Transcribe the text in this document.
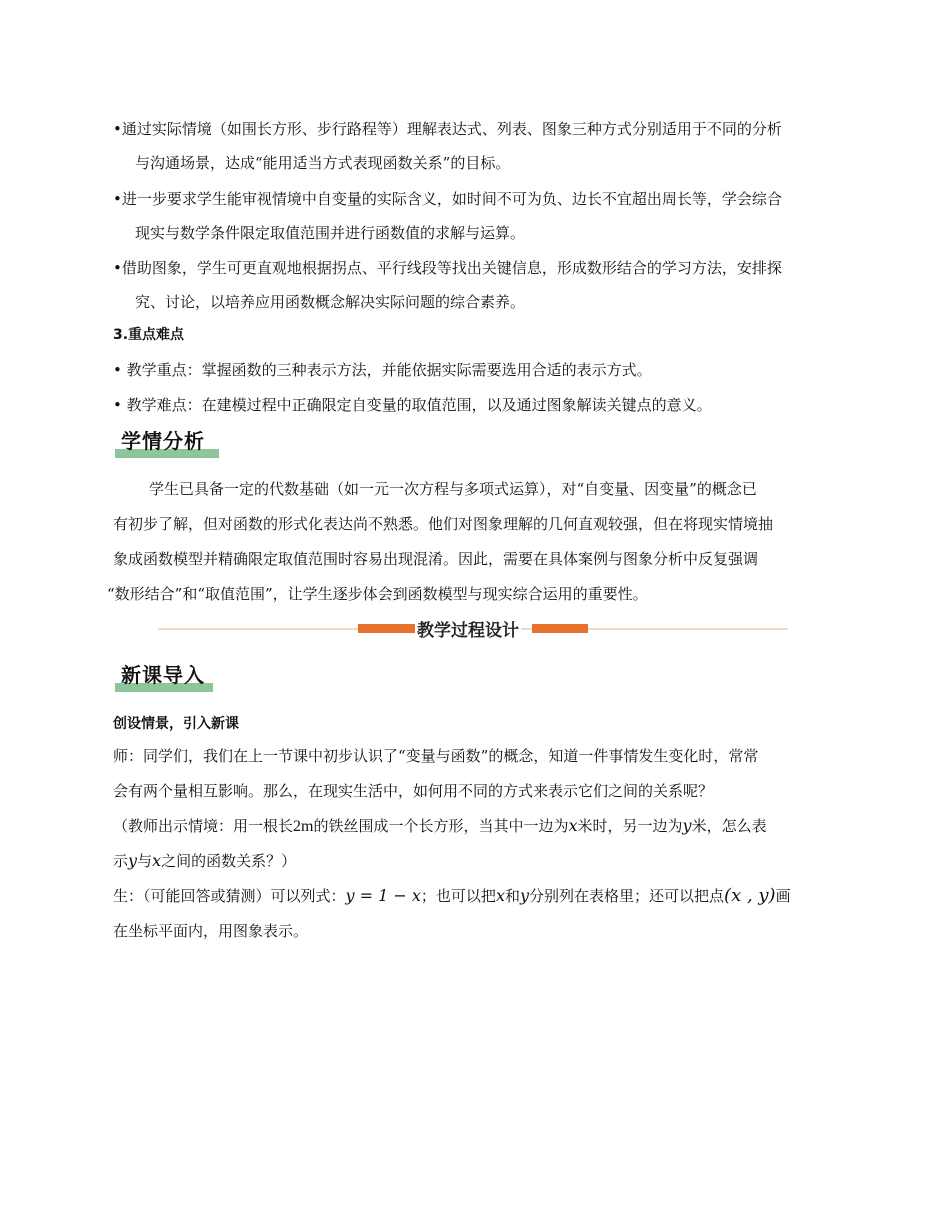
•通过实际情境（如围长方形、步行路程等）理解表达式、列表、图象三种方式分别适用于不同的分析
与沟通场景，达成“能用适当方式表现函数关系”的目标。
•进一步要求学生能审视情境中自变量的实际含义，如时间不可为负、边长不宜超出周长等，学会综合
现实与数学条件限定取值范围并进行函数值的求解与运算。
•借助图象，学生可更直观地根据拐点、平行线段等找出关键信息，形成数形结合的学习方法，安排探
究、讨论，以培养应用函数概念解决实际问题的综合素养。
3.重点难点
• 教学重点：掌握函数的三种表示方法，并能依据实际需要选用合适的表示方式。
• 教学难点：在建模过程中正确限定自变量的取值范围，以及通过图象解读关键点的意义。
学情分析
学生已具备一定的代数基础（如一元一次方程与多项式运算），对“自变量、因变量”的概念已
有初步了解，但对函数的形式化表达尚不熟悉。他们对图象理解的几何直观较强，但在将现实情境抽
象成函数模型并精确限定取值范围时容易出现混淆。因此，需要在具体案例与图象分析中反复强调
“数形结合”和“取值范围”，让学生逐步体会到函数模型与现实综合运用的重要性。
教学过程设计
新课导入
创设情景，引入新课
师：同学们，我们在上一节课中初步认识了“变量与函数”的概念，知道一件事情发生变化时，常常
会有两个量相互影响。那么，在现实生活中，如何用不同的方式来表示它们之间的关系呢？
（教师出示情境：用一根长2m的铁丝围成一个长方形，当其中一边为x米时，另一边为y米，怎么表
示y与x之间的函数关系？）
生：（可能回答或猜测）可以列式：y = 1 − x；也可以把x和y分别列在表格里；还可以把点(x , y)画
在坐标平面内，用图象表示。
